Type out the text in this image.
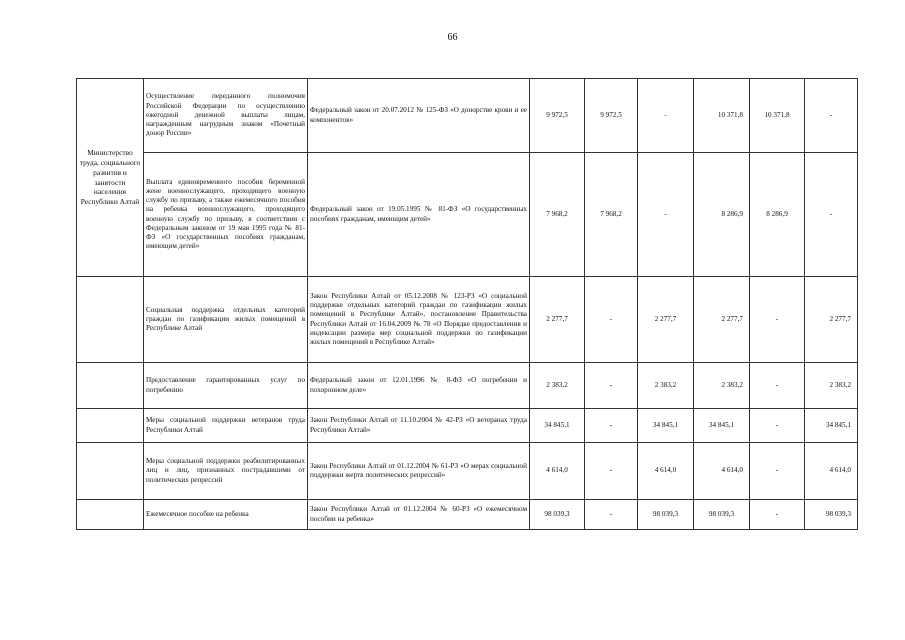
66
Министерство труда, социального развития и занятости населения Республики Алтай	Осуществление переданного полномочия Российской Федерации по осуществлению ежегодной денежной выплаты лицам, награжденным нагрудным знаком «Почетный донор России»	Федеральный закон от 20.07.2012 № 125-ФЗ «О донорстве крови и ее компонентов»	9 972,5	9 972,5	-	10 371,8	10 371,8	-
	Выплата единовременного пособия беременной жене военнослужащего, проходящего военную службу по призыву, а также ежемесячного пособия на ребенка военнослужащего, проходящего военную службу по призыву, в соответствии с Федеральным законом от 19 мая 1995 года № 81-ФЗ «О государственных пособиях гражданам, имеющим детей»	Федеральный закон от 19.05.1995 № 81-ФЗ «О государственных пособиях гражданам, имеющим детей»	7 968,2	7 968,2	-	8 286,9	8 286,9	-
	Социальная поддержка отдельных категорий граждан по газификации жилых помещений в Республике Алтай	Закон Республики Алтай от 05.12.2008 № 123-РЗ «О социальной поддержке отдельных категорий граждан по газификации жилых помещений в Республике Алтай», постановление Правительства Республики Алтай от 16.04.2009 № 78 «О Порядке предоставления и индексации размера мер социальной поддержки по газификации жилых помещений в Республике Алтай»	2 277,7	-	2 277,7	2 277,7	-	2 277,7
	Предоставление гарантированных услуг по погребению	Федеральный закон от 12.01.1996 № 8-ФЗ «О погребении и похоронном деле»	2 383,2	-	2 383,2	2 383,2	-	2 383,2
	Меры социальной поддержки ветеранов труда Республики Алтай	Закон Республики Алтай от 11.10.2004 № 42-РЗ «О ветеранах труда Республики Алтай»	34 845,1	-	34 845,1	34 845,1	-	34 845,1
	Меры социальной поддержки реабилитированных лиц и лиц, признанных пострадавшими от политических репрессий	Закон Республики Алтай от 01.12.2004 № 61-РЗ «О мерах социальной поддержки жертв политических репрессий»	4 614,0	-	4 614,0	4 614,0	-	4 614,0
	Ежемесячное пособие на ребенка	Закон Республики Алтай от 01.12.2004 № 60-РЗ «О ежемесячном пособии на ребенка»	98 039,3	-	98 039,3	98 039,3	-	98 039,3
